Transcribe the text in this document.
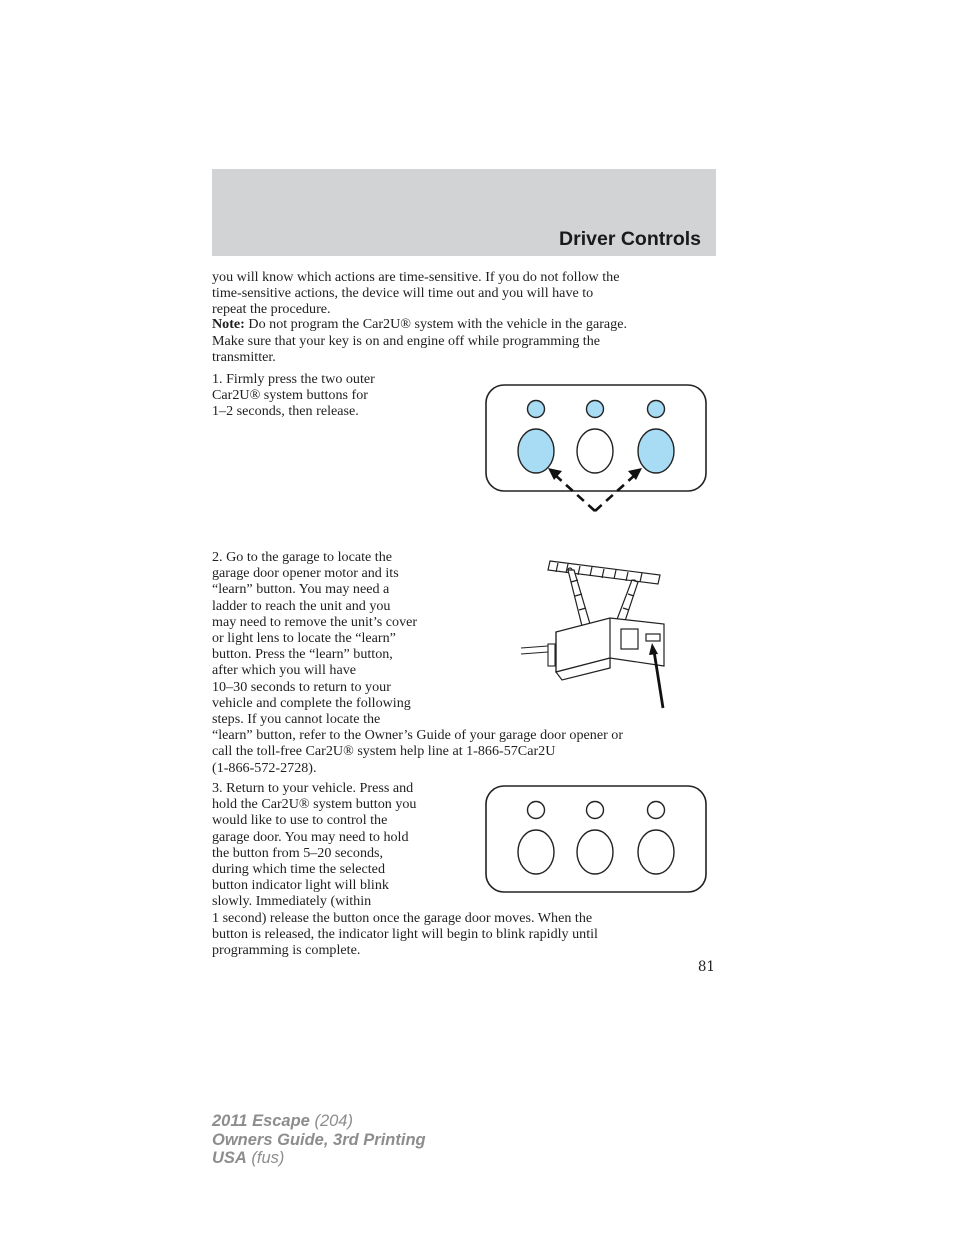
Driver Controls
you will know which actions are time-sensitive. If you do not follow the
time-sensitive actions, the device will time out and you will have to
repeat the procedure.
Note: Do not program the Car2U® system with the vehicle in the garage.
Make sure that your key is on and engine off while programming the
transmitter.
1. Firmly press the two outer
Car2U® system buttons for
1–2 seconds, then release.
2. Go to the garage to locate the
garage door opener motor and its
“learn” button. You may need a
ladder to reach the unit and you
may need to remove the unit’s cover
or light lens to locate the “learn”
button. Press the “learn” button,
after which you will have
10–30 seconds to return to your
vehicle and complete the following
steps. If you cannot locate the
“learn” button, refer to the Owner’s Guide of your garage door opener or
call the toll-free Car2U® system help line at 1-866-57Car2U
(1-866-572-2728).
3. Return to your vehicle. Press and
hold the Car2U® system button you
would like to use to control the
garage door. You may need to hold
the button from 5–20 seconds,
during which time the selected
button indicator light will blink
slowly. Immediately (within
1 second) release the button once the garage door moves. When the
button is released, the indicator light will begin to blink rapidly until
programming is complete.
81
2011 Escape (204)
Owners Guide, 3rd Printing
USA (fus)
